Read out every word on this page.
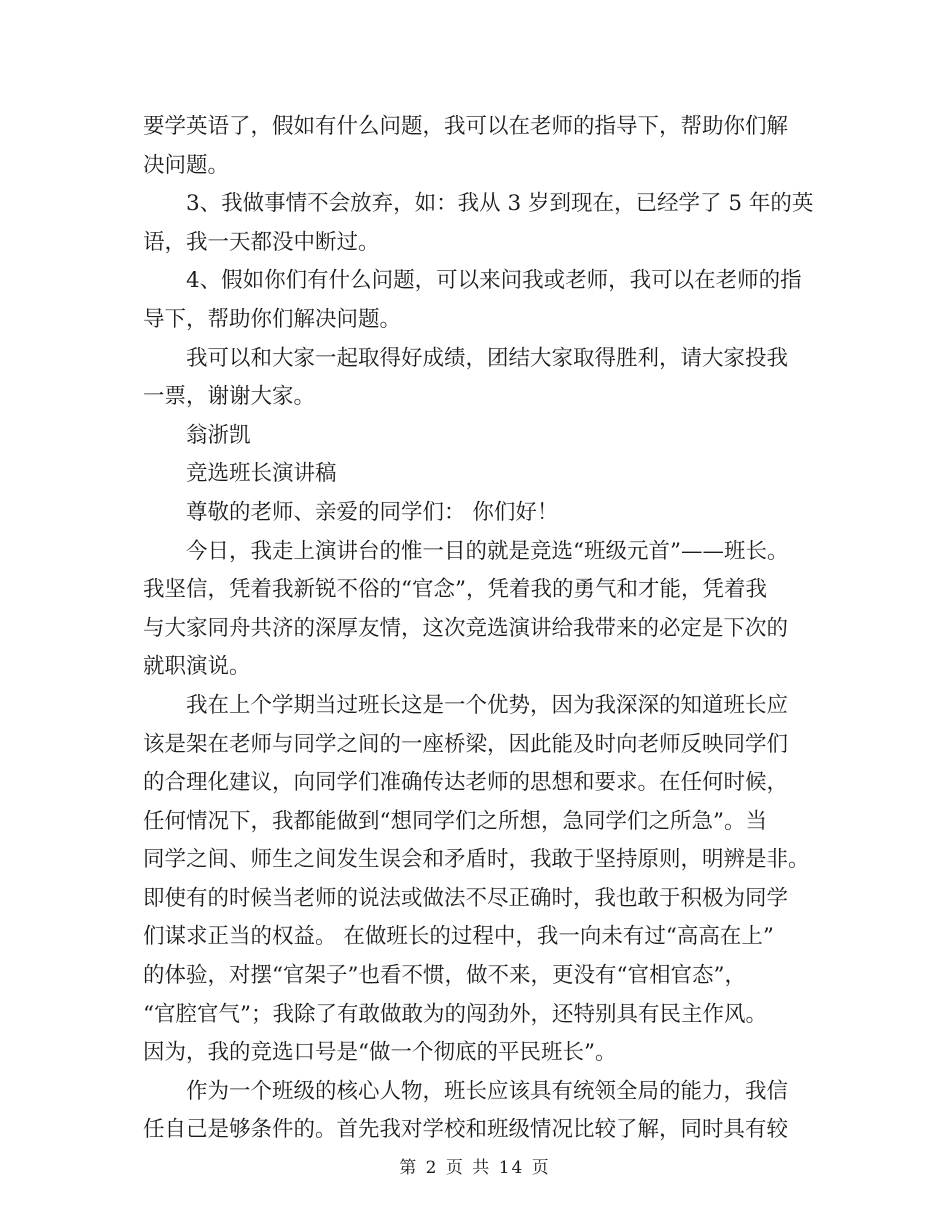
要学英语了，假如有什么问题，我可以在老师的指导下，帮助你们解
决问题。

3、我做事情不会放弃，如：我从 3 岁到现在，已经学了 5 年的英
语，我一天都没中断过。

4、假如你们有什么问题，可以来问我或老师，我可以在老师的指
导下，帮助你们解决问题。

我可以和大家一起取得好成绩，团结大家取得胜利，请大家投我
一票，谢谢大家。

翁浙凯

竞选班长演讲稿

尊敬的老师、亲爱的同学们： 你们好！

今日，我走上演讲台的惟一目的就是竞选“班级元首”——班长。
我坚信，凭着我新锐不俗的“官念”，凭着我的勇气和才能，凭着我
与大家同舟共济的深厚友情，这次竞选演讲给我带来的必定是下次的
就职演说。

我在上个学期当过班长这是一个优势，因为我深深的知道班长应
该是架在老师与同学之间的一座桥梁，因此能及时向老师反映同学们
的合理化建议，向同学们准确传达老师的思想和要求。在任何时候，
任何情况下，我都能做到“想同学们之所想，急同学们之所急”。当
同学之间、师生之间发生误会和矛盾时，我敢于坚持原则，明辨是非。
即使有的时候当老师的说法或做法不尽正确时，我也敢于积极为同学
们谋求正当的权益。 在做班长的过程中，我一向未有过“高高在上”
的体验，对摆“官架子”也看不惯，做不来，更没有“官相官态”，
“官腔官气”；我除了有敢做敢为的闯劲外，还特别具有民主作风。
因为，我的竞选口号是“做一个彻底的平民班长”。

作为一个班级的核心人物，班长应该具有统领全局的能力，我信
任自己是够条件的。首先我对学校和班级情况比较了解，同时具有较

第 2 页 共 14 页
